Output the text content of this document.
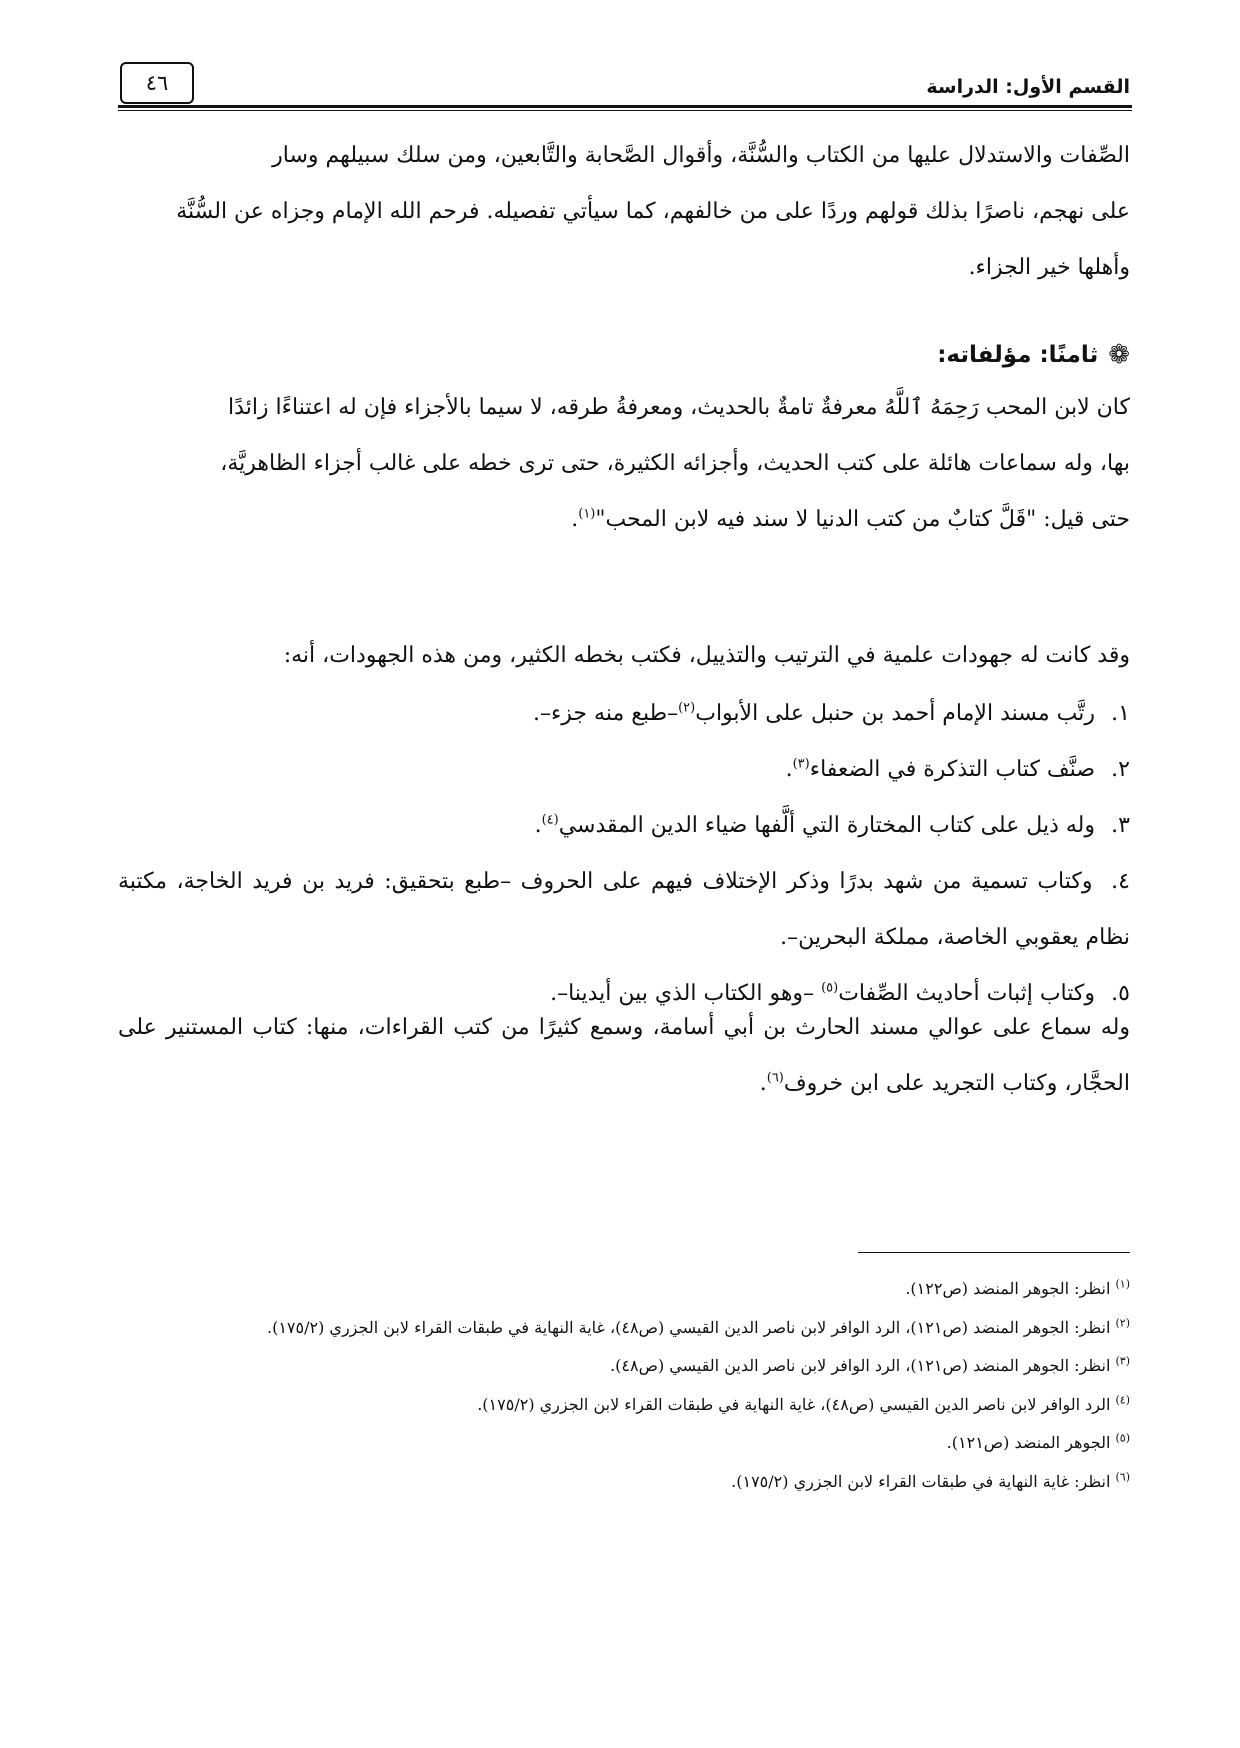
القسم الأول: الدراسة
٤٦

الصِّفات والاستدلال عليها من الكتاب والسُّنَّة، وأقوال الصَّحابة والتَّابعين، ومن سلك سبيلهم وسار

على نهجم، ناصرًا بذلك قولهم وردًا على من خالفهم، كما سيأتي تفصيله. فرحم الله الإمام وجزاه عن السُّنَّة

وأهلها خير الجزاء.

❁
ثامنًا: مؤلفاته:

كان لابن المحب رَحِمَهُ ٱللَّهُ معرفةٌ تامةٌ بالحديث، ومعرفةُ طرقه، لا سيما بالأجزاء فإن له اعتناءًا زائدًا

بها، وله سماعات هائلة على كتب الحديث، وأجزائه الكثيرة، حتى ترى خطه على غالب أجزاء الظاهريَّة،

حتى قيل: "قَلَّ كتابٌ من كتب الدنيا لا سند فيه لابن المحب"$^{(١)}$.

وقد كانت له جهودات علمية في الترتيب والتذييل، فكتب بخطه الكثير، ومن هذه الجهودات، أنه:

١. رتَّب مسند الإمام أحمد بن حنبل على الأبواب$^{(٢)}$–طبع منه جزء–.

٢. صنَّف كتاب التذكرة في الضعفاء$^{(٣)}$.

٣. وله ذيل على كتاب المختارة التي ألَّفها ضياء الدين المقدسي$^{(٤)}$.

٤. وكتاب تسمية من شهد بدرًا وذكر الإختلاف فيهم على الحروف –طبع بتحقيق: فريد بن فريد الخاجة، مكتبة نظام يعقوبي الخاصة، مملكة البحرين–.

٥. وكتاب إثبات أحاديث الصِّفات$^{(٥)}$ –وهو الكتاب الذي بين أيدينا–.

وله سماع على عوالي مسند الحارث بن أبي أسامة، وسمع كثيرًا من كتب القراءات، منها: كتاب المستنير على الحجَّار، وكتاب التجريد على ابن خروف$^{(٦)}$.

$^{(١)}$ انظر: الجوهر المنضد (ص١٢٢).

$^{(٢)}$ انظر: الجوهر المنضد (ص١٢١)، الرد الوافر لابن ناصر الدين القيسي (ص٤٨)، غاية النهاية في طبقات القراء لابن الجزري (١٧٥/٢).

$^{(٣)}$ انظر: الجوهر المنضد (ص١٢١)، الرد الوافر لابن ناصر الدين القيسي (ص٤٨).

$^{(٤)}$ الرد الوافر لابن ناصر الدين القيسي (ص٤٨)، غاية النهاية في طبقات القراء لابن الجزري (١٧٥/٢).

$^{(٥)}$ الجوهر المنضد (ص١٢١).

$^{(٦)}$ انظر: غاية النهاية في طبقات القراء لابن الجزري (١٧٥/٢).
